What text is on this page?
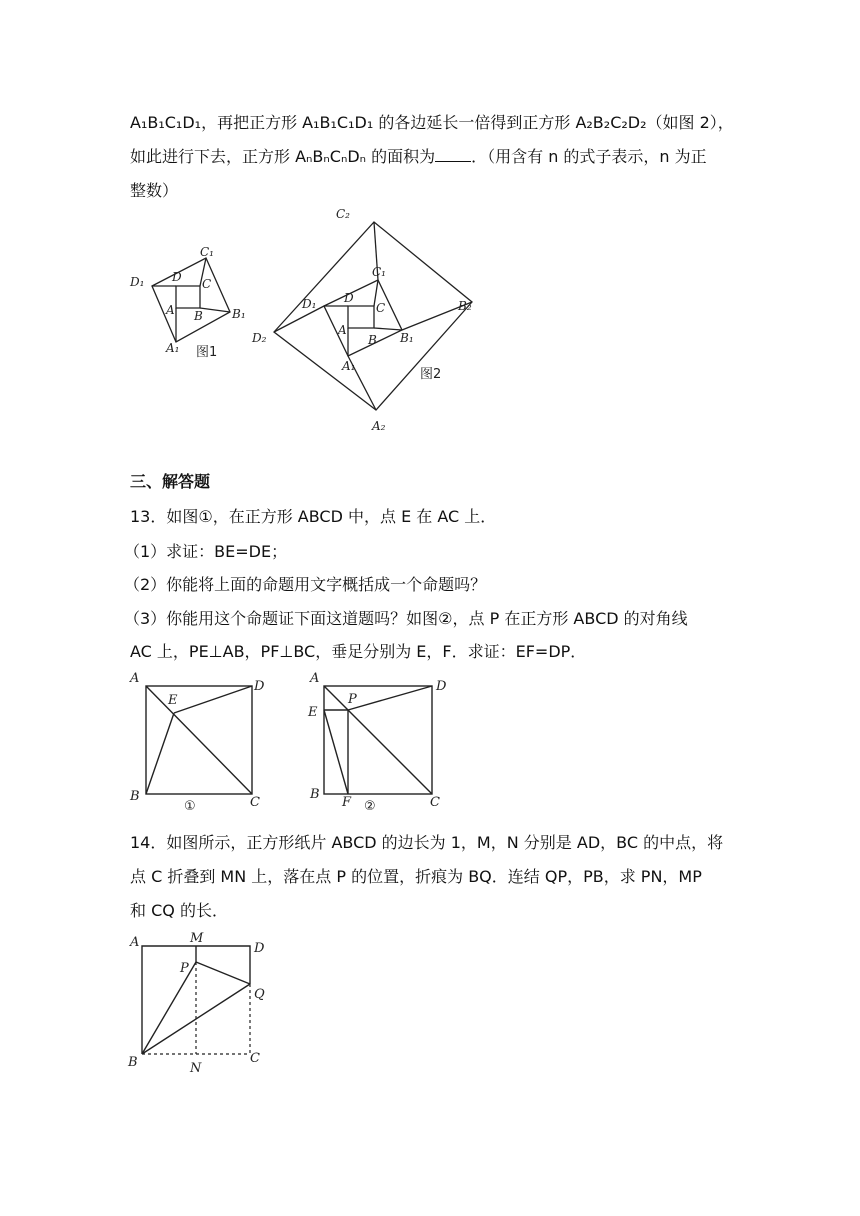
A₁B₁C₁D₁，再把正方形 A₁B₁C₁D₁ 的各边延长一倍得到正方形 A₂B₂C₂D₂（如图 2），
如此进行下去，正方形 AₙBₙCₙDₙ 的面积为 ．（用含有 n 的式子表示，n 为正
整数）
D₁
C₁
B₁
A₁
D C
B
A
图1
C₂
B₂
D₂
A₂
C₁
B₁
D₁
A₁
D
C
B
A
图2
三、解答题
13．如图①，在正方形 ABCD 中，点 E 在 AC 上．
（1）求证：BE=DE；
（2）你能将上面的命题用文字概括成一个命题吗？
（3）你能用这个命题证下面这道题吗？如图②，点 P 在正方形 ABCD 的对角线
AC 上，PE⊥AB，PF⊥BC，垂足分别为 E，F．求证：EF=DP．
A
D
E
B	C
①
A
D
P
E
B
F	C
②
14．如图所示，正方形纸片 ABCD 的边长为 1，M，N 分别是 AD，BC 的中点，将
点 C 折叠到 MN 上，落在点 P 的位置，折痕为 BQ．连结 QP，PB，求 PN，MP
和 CQ 的长．
A	M
D
P
Q
B	N
C
